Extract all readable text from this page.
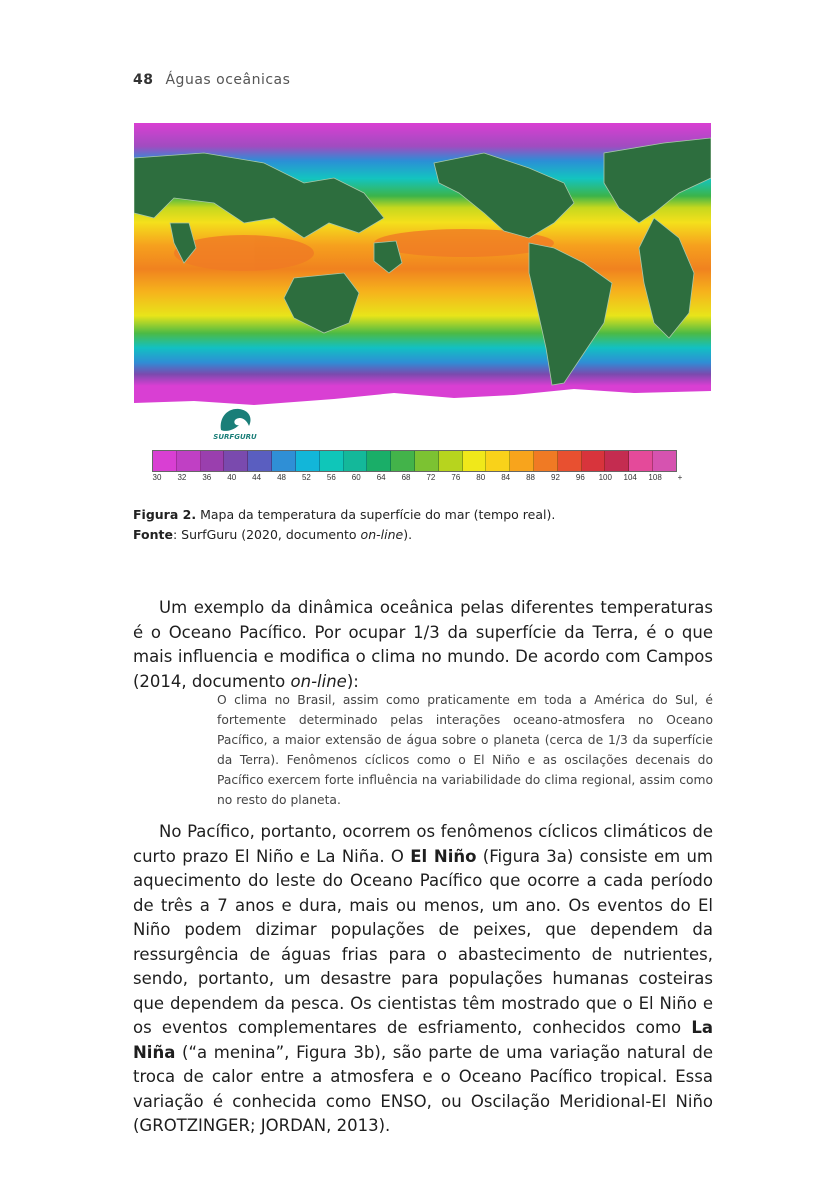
48 Águas oceânicas
SURFGURU
30 32 36 40 44 48 52 56 60 64 68 72 76 80 84 88 92 96 100 104 108 +
Figura 2. Mapa da temperatura da superfície do mar (tempo real).
Fonte: SurfGuru (2020, documento on-line).
Um exemplo da dinâmica oceânica pelas diferentes temperaturas é o Oceano Pacífico. Por ocupar 1/3 da superfície da Terra, é o que mais influencia e modifica o clima no mundo. De acordo com Campos (2014, documento on-line):
O clima no Brasil, assim como praticamente em toda a América do Sul, é fortemente determinado pelas interações oceano-atmosfera no Oceano Pacífico, a maior extensão de água sobre o planeta (cerca de 1/3 da superfície da Terra). Fenômenos cíclicos como o El Niño e as oscilações decenais do Pacífico exercem forte influência na variabilidade do clima regional, assim como no resto do planeta.
No Pacífico, portanto, ocorrem os fenômenos cíclicos climáticos de curto prazo El Niño e La Niña. O El Niño (Figura 3a) consiste em um aquecimento do leste do Oceano Pacífico que ocorre a cada período de três a 7 anos e dura, mais ou menos, um ano. Os eventos do El Niño podem dizimar populações de peixes, que dependem da ressurgência de águas frias para o abastecimento de nutrientes, sendo, portanto, um desastre para populações humanas costeiras que dependem da pesca. Os cientistas têm mostrado que o El Niño e os eventos complementares de esfriamento, conhecidos como La Niña (“a menina”, Figura 3b), são parte de uma variação natural de troca de calor entre a atmosfera e o Oceano Pacífico tropical. Essa variação é conhecida como ENSO, ou Oscilação Meridional-El Niño (GROTZINGER; JORDAN, 2013).
